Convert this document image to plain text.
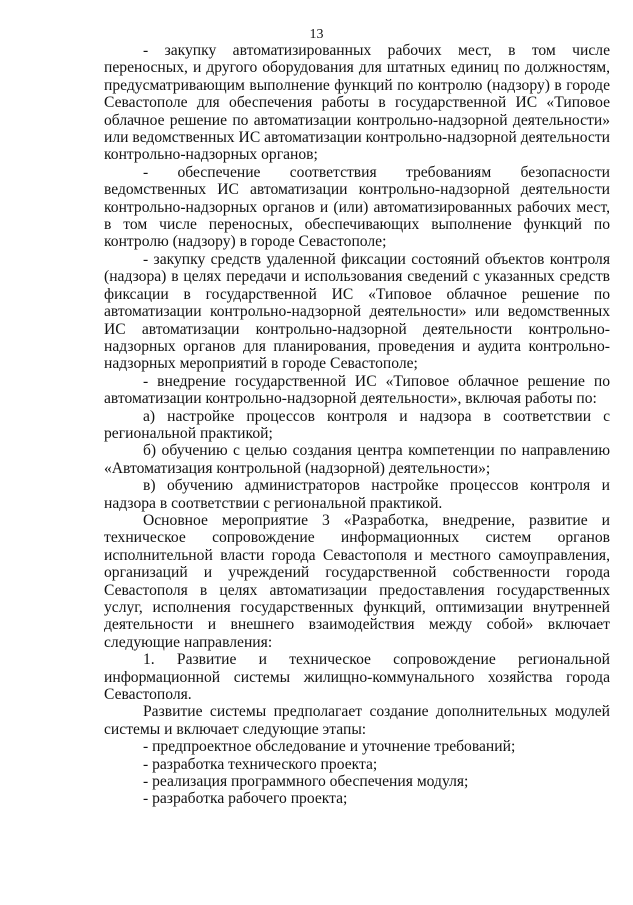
13

- закупку автоматизированных рабочих мест, в том числе переносных, и другого оборудования для штатных единиц по должностям, предусматривающим выполнение функций по контролю (надзору) в городе Севастополе для обеспечения работы в государственной ИС «Типовое облачное решение по автоматизации контрольно-надзорной деятельности» или ведомственных ИС автоматизации контрольно-надзорной деятельности контрольно-надзорных органов;

- обеспечение соответствия требованиям безопасности ведомственных ИС автоматизации контрольно-надзорной деятельности контрольно-надзорных органов и (или) автоматизированных рабочих мест, в том числе переносных, обеспечивающих выполнение функций по контролю (надзору) в городе Севастополе;

- закупку средств удаленной фиксации состояний объектов контроля (надзора) в целях передачи и использования сведений с указанных средств фиксации в государственной ИС «Типовое облачное решение по автоматизации контрольно-надзорной деятельности» или ведомственных ИС автоматизации контрольно-надзорной деятельности контрольно-надзорных органов для планирования, проведения и аудита контрольно-надзорных мероприятий в городе Севастополе;

- внедрение государственной ИС «Типовое облачное решение по автоматизации контрольно-надзорной деятельности», включая работы по:

а) настройке процессов контроля и надзора в соответствии с региональной практикой;

б) обучению с целью создания центра компетенции по направлению «Автоматизация контрольной (надзорной) деятельности»;

в) обучению администраторов настройке процессов контроля и надзора в соответствии с региональной практикой.

Основное мероприятие 3 «Разработка, внедрение, развитие и техническое сопровождение информационных систем органов исполнительной власти города Севастополя и местного самоуправления, организаций и учреждений государственной собственности города Севастополя в целях автоматизации предоставления государственных услуг, исполнения государственных функций, оптимизации внутренней деятельности и внешнего взаимодействия между собой» включает следующие направления:

1. Развитие и техническое сопровождение региональной информационной системы жилищно-коммунального хозяйства города Севастополя.

Развитие системы предполагает создание дополнительных модулей системы и включает следующие этапы:

- предпроектное обследование и уточнение требований;

- разработка технического проекта;

- реализация программного обеспечения модуля;

- разработка рабочего проекта;
